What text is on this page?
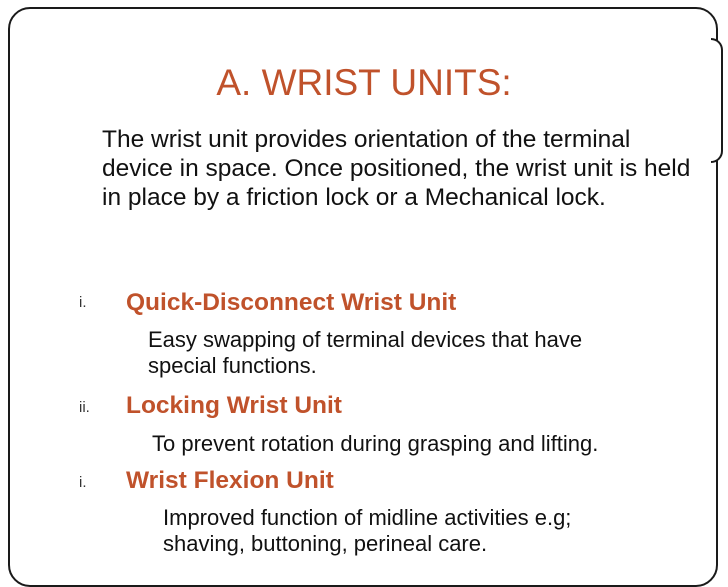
A. WRIST UNITS:

The wrist unit provides orientation of the terminal device in space. Once positioned, the wrist unit is held in place by a friction lock or a Mechanical lock.

i. Quick-Disconnect Wrist Unit

Easy swapping of terminal devices that have special functions.

ii. Locking Wrist Unit

To prevent rotation during grasping and lifting.

i. Wrist Flexion Unit

Improved function of midline activities e.g; shaving, buttoning, perineal care.
